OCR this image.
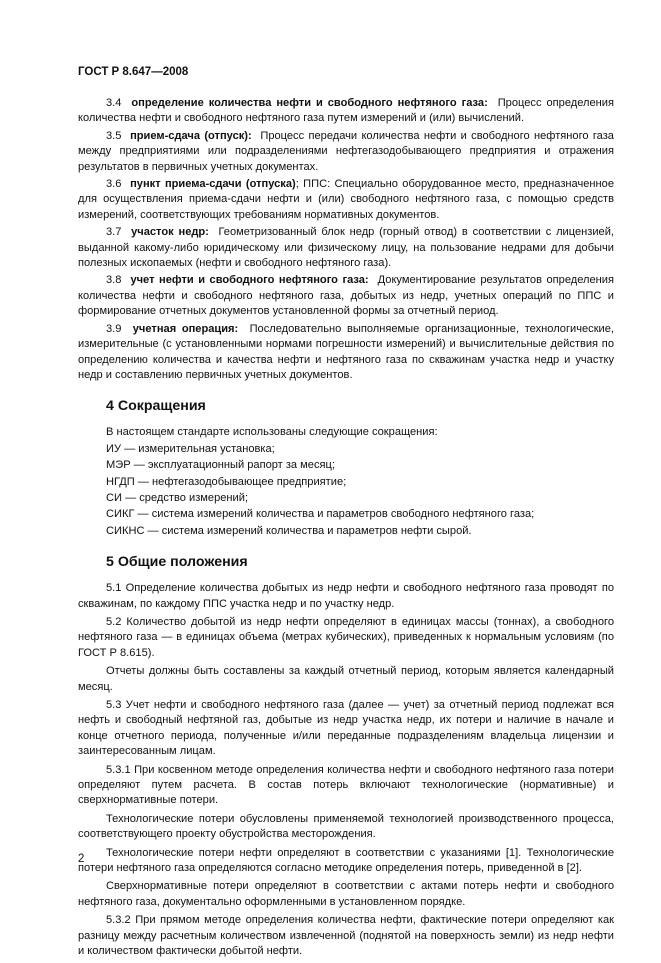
ГОСТ Р 8.647—2008

3.4 определение количества нефти и свободного нефтяного газа: Процесс определения количества нефти и свободного нефтяного газа путем измерений и (или) вычислений.

3.5 прием-сдача (отпуск): Процесс передачи количества нефти и свободного нефтяного газа между предприятиями или подразделениями нефтегазодобывающего предприятия и отражения результатов в первичных учетных документах.

3.6 пункт приема-сдачи (отпуска); ППС: Специально оборудованное место, предназначенное для осуществления приема-сдачи нефти и (или) свободного нефтяного газа, с помощью средств измерений, соответствующих требованиям нормативных документов.

3.7 участок недр: Геометризованный блок недр (горный отвод) в соответствии с лицензией, выданной какому-либо юридическому или физическому лицу, на пользование недрами для добычи полезных ископаемых (нефти и свободного нефтяного газа).

3.8 учет нефти и свободного нефтяного газа: Документирование результатов определения количества нефти и свободного нефтяного газа, добытых из недр, учетных операций по ППС и формирование отчетных документов установленной формы за отчетный период.

3.9 учетная операция: Последовательно выполняемые организационные, технологические, измерительные (с установленными нормами погрешности измерений) и вычислительные действия по определению количества и качества нефти и нефтяного газа по скважинам участка недр и участку недр и составлению первичных учетных документов.

4 Сокращения

В настоящем стандарте использованы следующие сокращения:

ИУ — измерительная установка;

МЭР — эксплуатационный рапорт за месяц;

НГДП — нефтегазодобывающее предприятие;

СИ — средство измерений;

СИКГ — система измерений количества и параметров свободного нефтяного газа;

СИКНС — система измерений количества и параметров нефти сырой.

5 Общие положения

5.1 Определение количества добытых из недр нефти и свободного нефтяного газа проводят по скважинам, по каждому ППС участка недр и по участку недр.

5.2 Количество добытой из недр нефти определяют в единицах массы (тоннах), а свободного нефтяного газа — в единицах объема (метрах кубических), приведенных к нормальным условиям (по ГОСТ Р 8.615).

Отчеты должны быть составлены за каждый отчетный период, которым является календарный месяц.

5.3 Учет нефти и свободного нефтяного газа (далее — учет) за отчетный период подлежат вся нефть и свободный нефтяной газ, добытые из недр участка недр, их потери и наличие в начале и конце отчетного периода, полученные и/или переданные подразделениям владельца лицензии и заинтересованным лицам.

5.3.1 При косвенном методе определения количества нефти и свободного нефтяного газа потери определяют путем расчета. В состав потерь включают технологические (нормативные) и сверхнормативные потери.

Технологические потери обусловлены применяемой технологией производственного процесса, соответствующего проекту обустройства месторождения.

Технологические потери нефти определяют в соответствии с указаниями [1]. Технологические потери нефтяного газа определяются согласно методике определения потерь, приведенной в [2].

Сверхнормативные потери определяют в соответствии с актами потерь нефти и свободного нефтяного газа, документально оформленными в установленном порядке.

5.3.2 При прямом методе определения количества нефти, фактические потери определяют как разницу между расчетным количеством извлеченной (поднятой на поверхность земли) из недр нефти и количеством фактически добытой нефти.

2
